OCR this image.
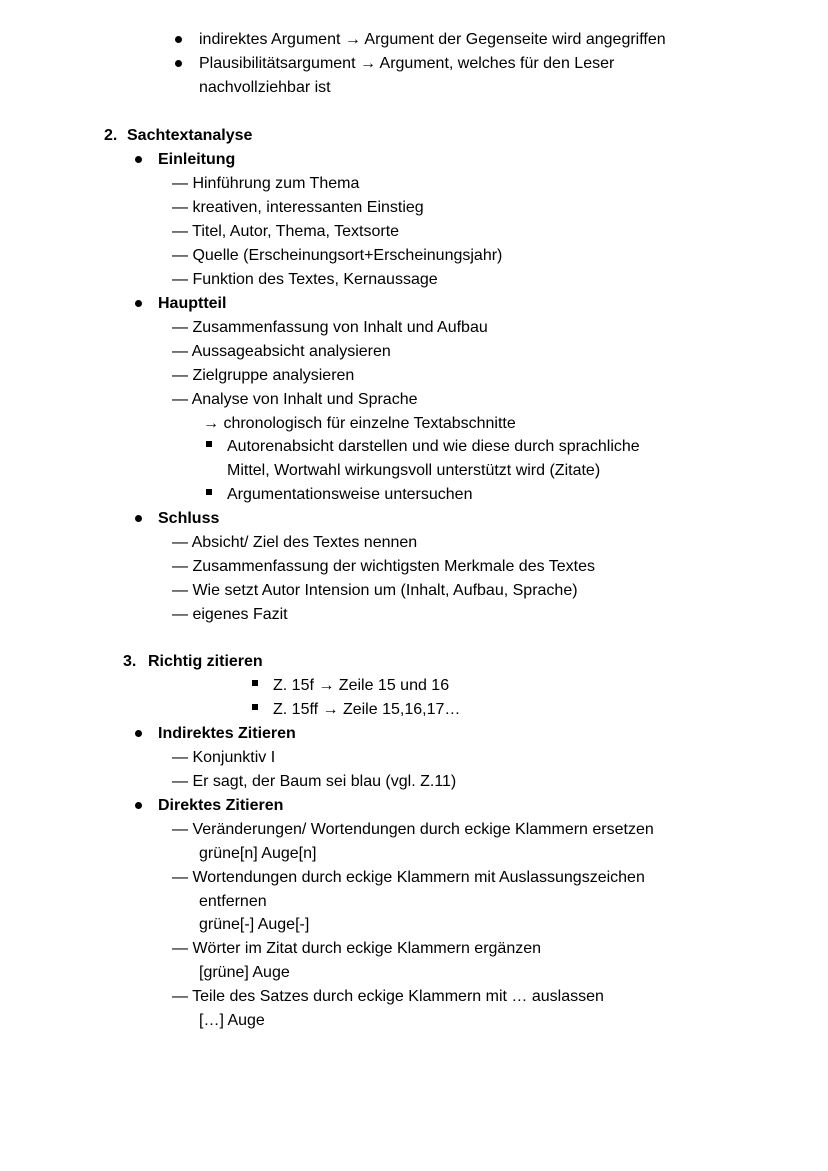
indirektes Argument → Argument der Gegenseite wird angegriffen
Plausibilitätsargument → Argument, welches für den Leser
nachvollziehbar ist
2. Sachtextanalyse
Einleitung
— Hinführung zum Thema
— kreativen, interessanten Einstieg
— Titel, Autor, Thema, Textsorte
— Quelle (Erscheinungsort+Erscheinungsjahr)
— Funktion des Textes, Kernaussage
Hauptteil
— Zusammenfassung von Inhalt und Aufbau
— Aussageabsicht analysieren
— Zielgruppe analysieren
— Analyse von Inhalt und Sprache
→ chronologisch für einzelne Textabschnitte
Autorenabsicht darstellen und wie diese durch sprachliche
Mittel, Wortwahl wirkungsvoll unterstützt wird (Zitate)
Argumentationsweise untersuchen
Schluss
— Absicht/ Ziel des Textes nennen
— Zusammenfassung der wichtigsten Merkmale des Textes
— Wie setzt Autor Intension um (Inhalt, Aufbau, Sprache)
— eigenes Fazit
3. Richtig zitieren
Z. 15f → Zeile 15 und 16
Z. 15ff → Zeile 15,16,17…
Indirektes Zitieren
— Konjunktiv I
— Er sagt, der Baum sei blau (vgl. Z.11)
Direktes Zitieren
— Veränderungen/ Wortendungen durch eckige Klammern ersetzen
grüne[n] Auge[n]
— Wortendungen durch eckige Klammern mit Auslassungszeichen
entfernen
grüne[-] Auge[-]
— Wörter im Zitat durch eckige Klammern ergänzen
[grüne] Auge
— Teile des Satzes durch eckige Klammern mit … auslassen
[…] Auge
